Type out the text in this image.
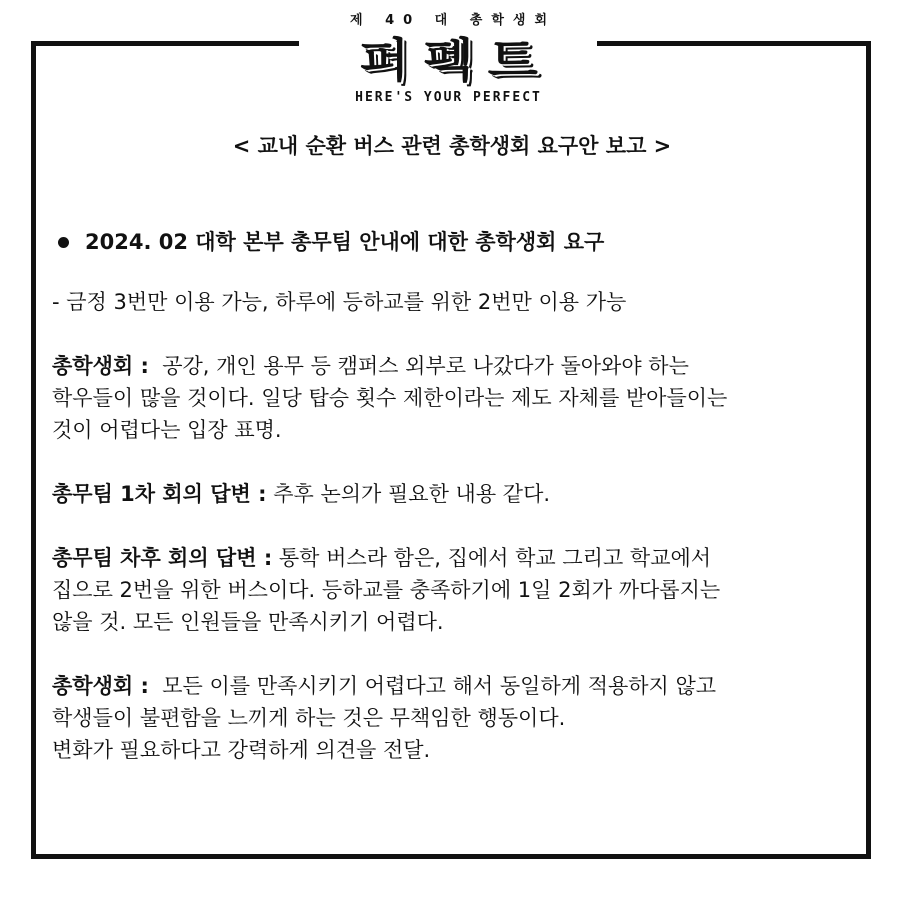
제 40 대 총학생회
퍼펙트
HERE'S YOUR PERFECT
< 교내 순환 버스 관련 총학생회 요구안 보고 >
2024. 02 대학 본부 총무팀 안내에 대한 총학생회 요구
- 금정 3번만 이용 가능, 하루에 등하교를 위한 2번만 이용 가능
총학생회 :  공강, 개인 용무 등 캠퍼스 외부로 나갔다가 돌아와야 하는
학우들이 많을 것이다. 일당 탑승 횟수 제한이라는 제도 자체를 받아들이는
것이 어렵다는 입장 표명.
총무팀 1차 회의 답변 : 추후 논의가 필요한 내용 같다.
총무팀 차후 회의 답변 : 통학 버스라 함은, 집에서 학교 그리고 학교에서
집으로 2번을 위한 버스이다. 등하교를 충족하기에 1일 2회가 까다롭지는
않을 것. 모든 인원들을 만족시키기 어렵다.
총학생회 :  모든 이를 만족시키기 어렵다고 해서 동일하게 적용하지 않고
학생들이 불편함을 느끼게 하는 것은 무책임한 행동이다.
변화가 필요하다고 강력하게 의견을 전달.
